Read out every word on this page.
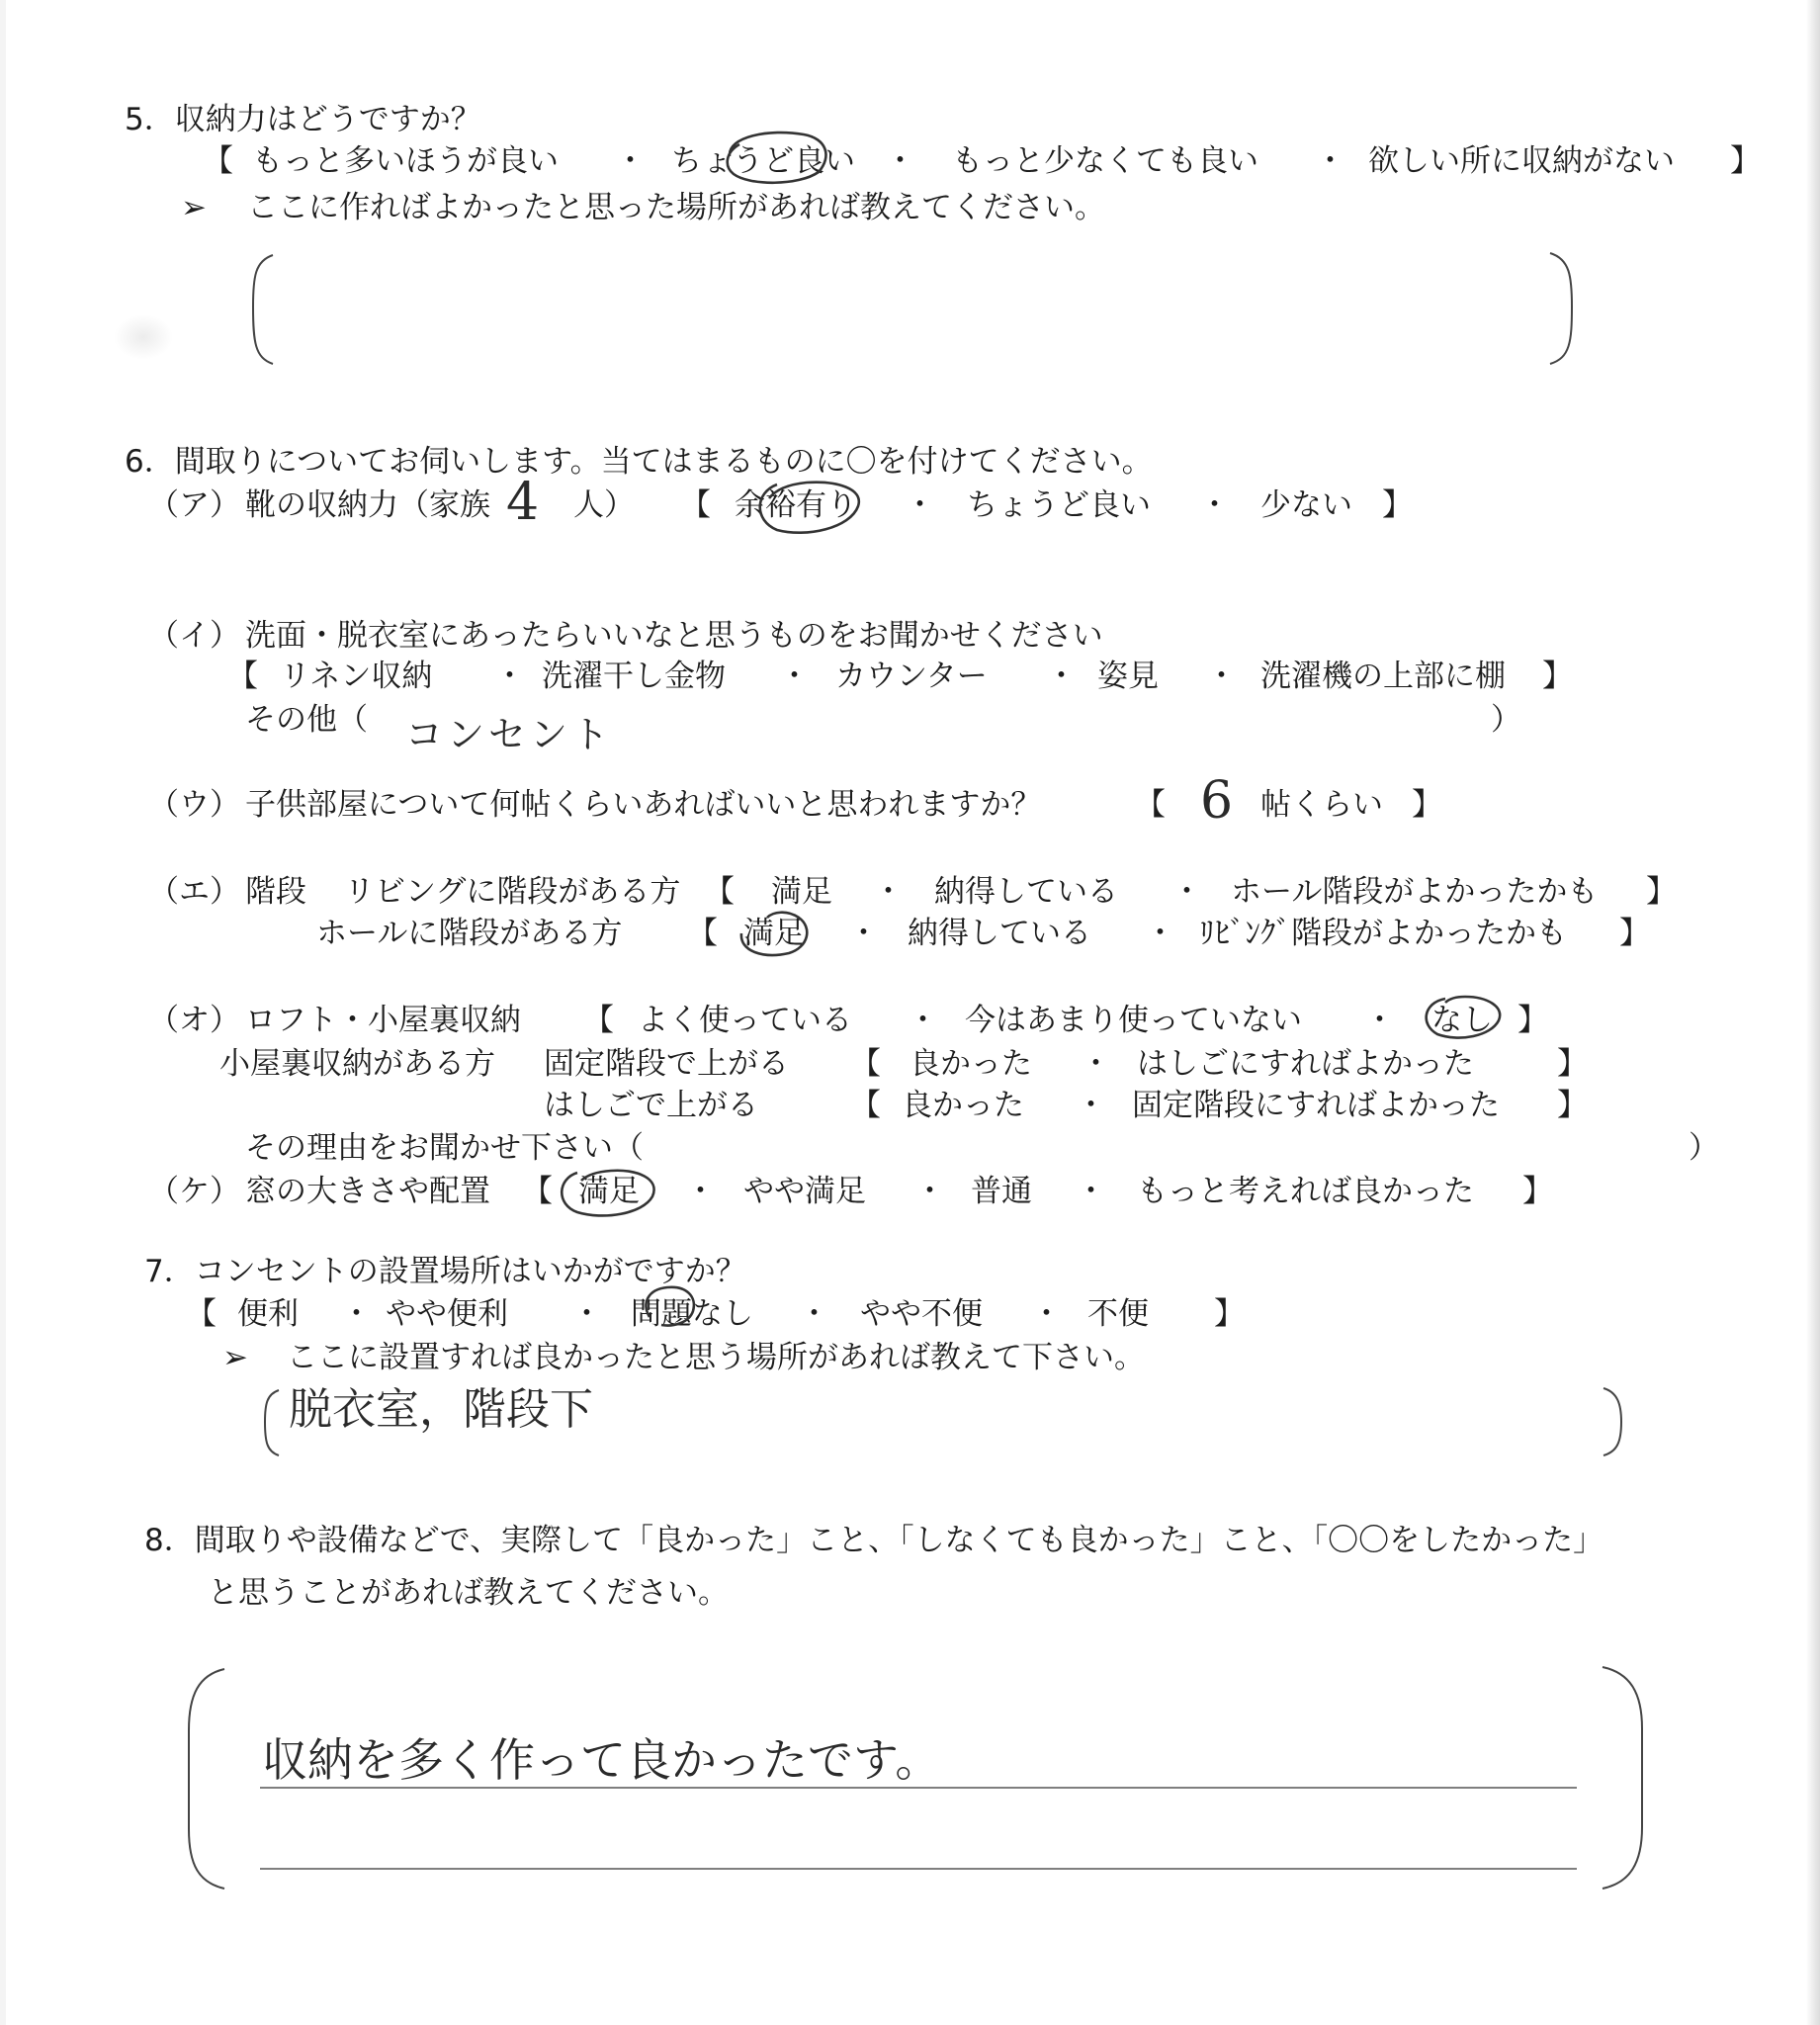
5．収納力はどうですか？
【 もっと多いほうが良い ・ ちょうど良い ・ もっと少なくても良い ・ 欲しい所に収納がない 】
➢ ここに作ればよかったと思った場所があれば教えてください。
6．間取りについてお伺いします。当てはまるものに〇を付けてください。
（ア） 靴の収納力（家族 4 人） 【 余裕有り ・ ちょうど良い ・ 少ない 】
（イ） 洗面・脱衣室にあったらいいなと思うものをお聞かせください
【 リネン収納 ・ 洗濯干し金物 ・ カウンター ・ 姿見 ・ 洗濯機の上部に棚 】
その他（ コンセント	）
（ウ） 子供部屋について何帖くらいあればいいと思われますか？	【 6 帖くらい 】
（エ） 階段 リビングに階段がある方 【 満足 ・ 納得している ・ ホール階段がよかったかも 】
ホールに階段がある方 【 満足 ・ 納得している ・ ﾘﾋﾞﾝｸﾞ階段がよかったかも 】
（オ） ロフト・小屋裏収納 【 よく使っている ・ 今はあまり使っていない ・ なし 】
小屋裏収納がある方 固定階段で上がる 【 良かった ・ はしごにすればよかった	】
はしごで上がる	【 良かった ・ 固定階段にすればよかった 】
その理由をお聞かせ下さい（	）
（ケ） 窓の大きさや配置 【 満足 ・ やや満足 ・ 普通 ・ もっと考えれば良かった 】
7．コンセントの設置場所はいかがですか？
【 便利 ・ やや便利 ・ 問題なし ・ やや不便 ・ 不便 】
➢ ここに設置すれば良かったと思う場所があれば教えて下さい。
脱衣室，階段下
8．間取りや設備などで、実際して「良かった」こと、「しなくても良かった」こと、「〇〇をしたかった」
と思うことがあれば教えてください。
収納を多く作って良かったです。
